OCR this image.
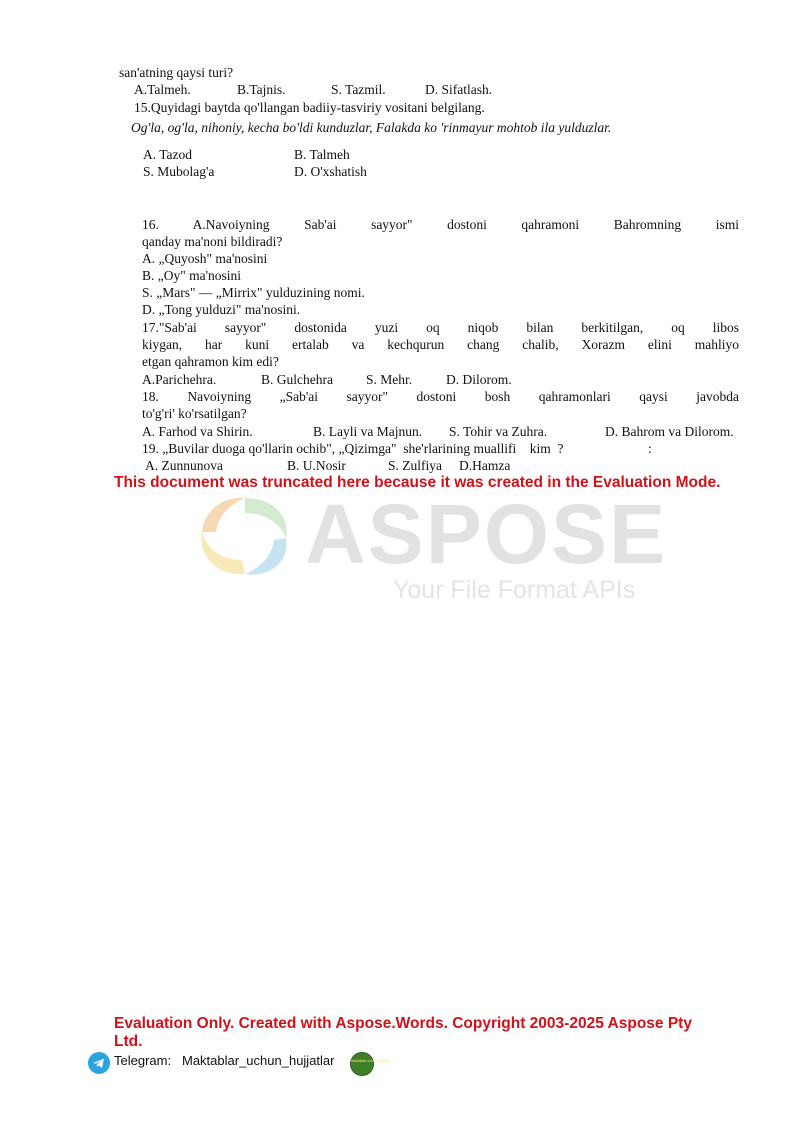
san'atning qaysi turi?
A.Talmeh.	B.Tajnis.	S. Tazmil.	D. Sifatlash.
15.Quyidagi baytda qo'llangan badiiy-tasviriy vositani belgilang.
Og'la, og'la, nihoniy, kecha bo'ldi kunduzlar, Falakda ko 'rinmayur mohtob ila yulduzlar.
A. Tazod	B. Talmeh
S. Mubolag'a	D. O'xshatish
16. A.Navoiyning Sab'ai sayyor" dostoni qahramoni Bahromning ismi
qanday ma'noni bildiradi?
A. „Quyosh" ma'nosini
B. „Oy" ma'nosini
S. „Mars" — „Mirrix" yulduzining nomi.
D. „Tong yulduzi" ma'nosini.
17."Sab'ai sayyor" dostonida yuzi oq niqob bilan berkitilgan, oq libos
kiygan, har kuni ertalab va kechqurun chang chalib, Xorazm elini mahliyo
etgan qahramon kim edi?
A.Parichehra.	B. Gulchehra S. Mehr.	D. Dilorom.
18. Navoiyning „Sab'ai sayyor" dostoni bosh qahramonlari qaysi javobda
to'g'ri' ko'rsatilgan?
A. Farhod va Shirin.	B. Layli va Majnun. S. Tohir va Zuhra.	D. Bahrom va Dilorom.
19. „Buvilar duoga qo'llarin ochib", „Qizimga"  she'rlarining muallifi    kim  ?	:
A. Zunnunova	B. U.Nosir	S. Zulfiya D.Hamza
This document was truncated here because it was created in the Evaluation Mode.
ASPOSE
Your File Format APIs
Evaluation Only. Created with Aspose.Words. Copyright 2003-2025 Aspose Pty
Ltd.
Telegram: Maktablar_uchun_hujjatlar	Maktablar uchun hujjatlar
